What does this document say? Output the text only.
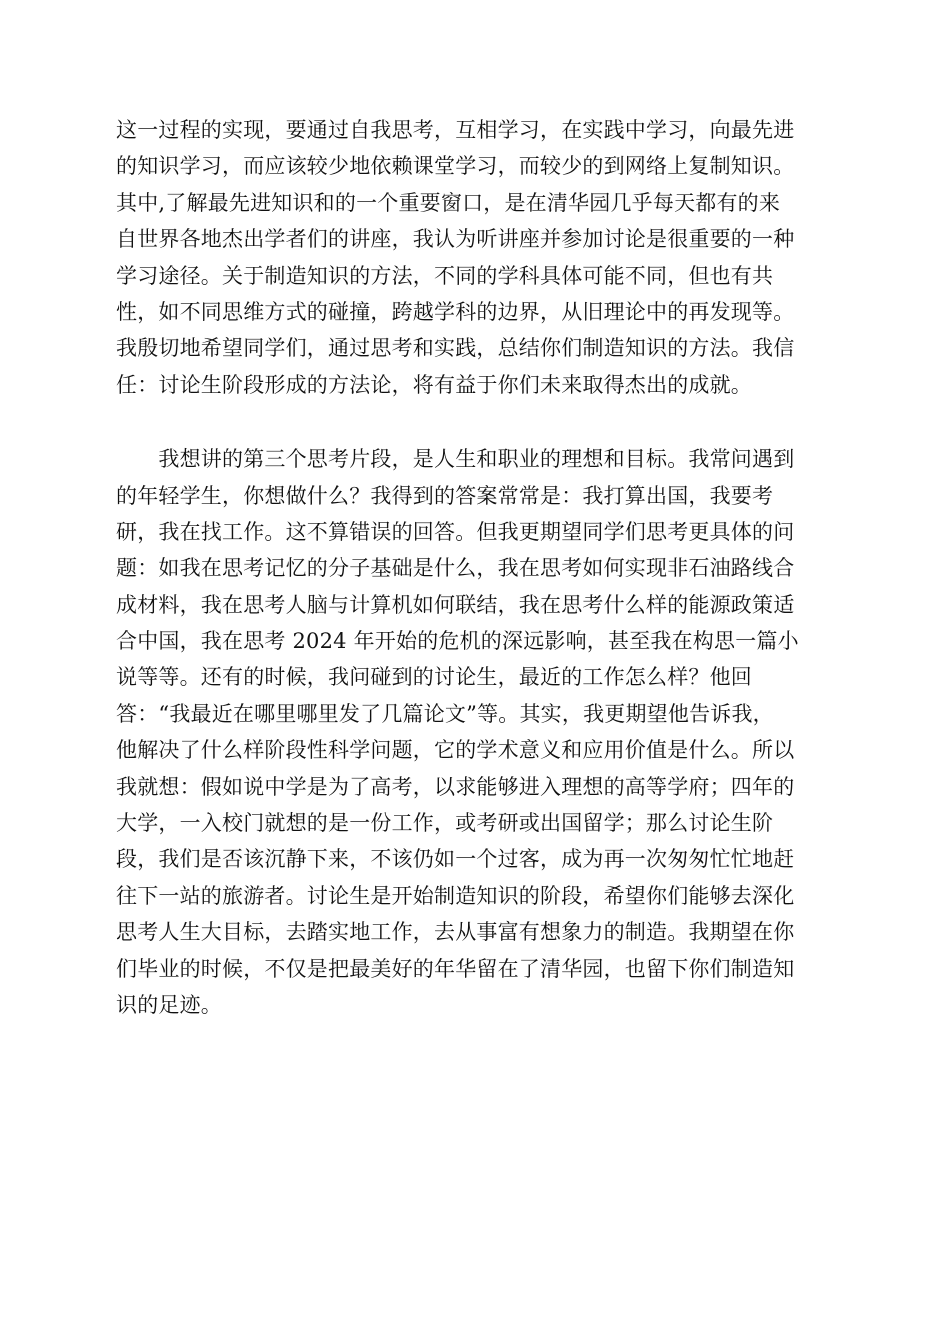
这一过程的实现，要通过自我思考，互相学习，在实践中学习，向最先进
的知识学习，而应该较少地依赖课堂学习，而较少的到网络上复制知识。
其中,了解最先进知识和的一个重要窗口，是在清华园几乎每天都有的来
自世界各地杰出学者们的讲座，我认为听讲座并参加讨论是很重要的一种
学习途径。关于制造知识的方法，不同的学科具体可能不同，但也有共
性，如不同思维方式的碰撞，跨越学科的边界，从旧理论中的再发现等。
我殷切地希望同学们，通过思考和实践，总结你们制造知识的方法。我信
任：讨论生阶段形成的方法论，将有益于你们未来取得杰出的成就。
　　我想讲的第三个思考片段，是人生和职业的理想和目标。我常问遇到
的年轻学生，你想做什么？我得到的答案常常是：我打算出国，我要考
研，我在找工作。这不算错误的回答。但我更期望同学们思考更具体的问
题：如我在思考记忆的分子基础是什么，我在思考如何实现非石油路线合
成材料，我在思考人脑与计算机如何联结，我在思考什么样的能源政策适
合中国，我在思考 2024 年开始的危机的深远影响，甚至我在构思一篇小
说等等。还有的时候，我问碰到的讨论生，最近的工作怎么样？他回
答：“我最近在哪里哪里发了几篇论文”等。其实，我更期望他告诉我，
他解决了什么样阶段性科学问题，它的学术意义和应用价值是什么。所以
我就想：假如说中学是为了高考，以求能够进入理想的高等学府；四年的
大学，一入校门就想的是一份工作，或考研或出国留学；那么讨论生阶
段，我们是否该沉静下来，不该仍如一个过客，成为再一次匆匆忙忙地赶
往下一站的旅游者。讨论生是开始制造知识的阶段，希望你们能够去深化
思考人生大目标，去踏实地工作，去从事富有想象力的制造。我期望在你
们毕业的时候，不仅是把最美好的年华留在了清华园，也留下你们制造知
识的足迹。
